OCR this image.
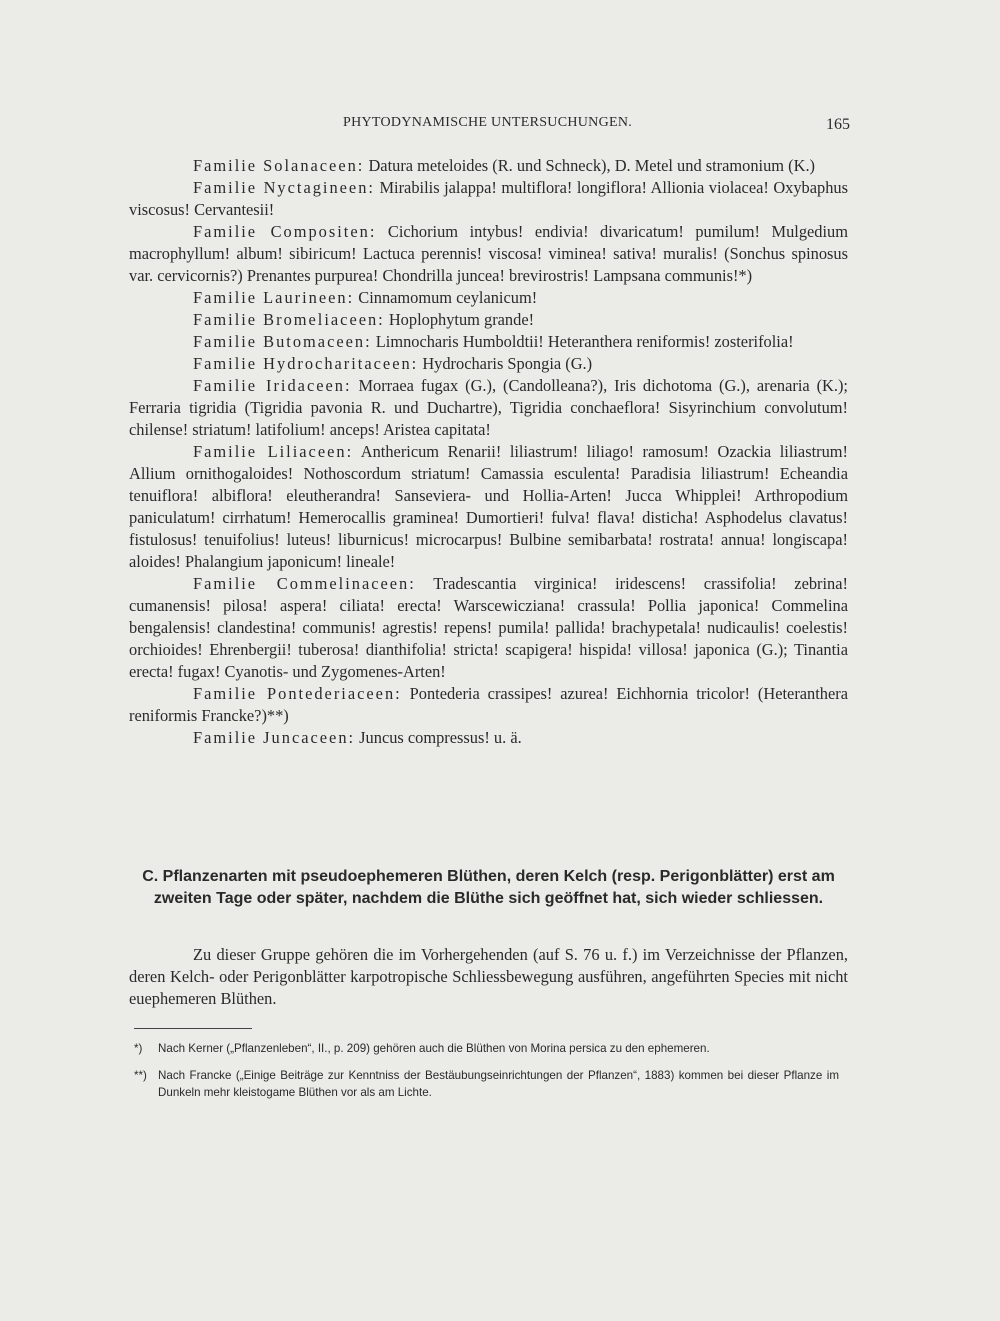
PHYTODYNAMISCHE UNTERSUCHUNGEN.	165

Familie Solanaceen: Datura meteloides (R. und Schneck), D. Metel und stramonium (K.)

Familie Nyctagineen: Mirabilis jalappa! multiflora! longiflora! Allionia violacea! Oxybaphus viscosus! Cervantesii!

Familie Compositen: Cichorium intybus! endivia! divaricatum! pumilum! Mulgedium macrophyllum! album! sibiricum! Lactuca perennis! viscosa! viminea! sativa! muralis! (Sonchus spinosus var. cervicornis?) Prenantes purpurea! Chondrilla juncea! brevirostris! Lampsana communis!*)

Familie Laurineen: Cinnamomum ceylanicum!

Familie Bromeliaceen: Hoplophytum grande!

Familie Butomaceen: Limnocharis Humboldtii! Heteranthera reniformis! zosterifolia!

Familie Hydrocharitaceen: Hydrocharis Spongia (G.)

Familie Iridaceen: Morraea fugax (G.), (Candolleana?), Iris dichotoma (G.), arenaria (K.); Ferraria tigridia (Tigridia pavonia R. und Duchartre), Tigridia conchaeflora! Sisyrinchium convolutum! chilense! striatum! latifolium! anceps! Aristea capitata!

Familie Liliaceen: Anthericum Renarii! liliastrum! liliago! ramosum! Ozackia liliastrum! Allium ornithogaloides! Nothoscordum striatum! Camassia esculenta! Paradisia liliastrum! Echeandia tenuiflora! albiflora! eleutherandra! Sanseviera- und Hollia-Arten! Jucca Whipplei! Arthropodium paniculatum! cirrhatum! Hemerocallis graminea! Dumortieri! fulva! flava! disticha! Asphodelus clavatus! fistulosus! tenuifolius! luteus! liburnicus! microcarpus! Bulbine semibarbata! rostrata! annua! longiscapa! aloides! Phalangium japonicum! lineale!

Familie Commelinaceen: Tradescantia virginica! iridescens! crassifolia! zebrina! cumanensis! pilosa! aspera! ciliata! erecta! Warscewicziana! crassula! Pollia japonica! Commelina bengalensis! clandestina! communis! agrestis! repens! pumila! pallida! brachypetala! nudicaulis! coelestis! orchioides! Ehrenbergii! tuberosa! dianthifolia! stricta! scapigera! hispida! villosa! japonica (G.); Tinantia erecta! fugax! Cyanotis- und Zygomenes-Arten!

Familie Pontederiaceen: Pontederia crassipes! azurea! Eichhornia tricolor! (Heteranthera reniformis Francke?)**)

Familie Juncaceen: Juncus compressus! u. ä.

C. Pflanzenarten mit pseudoephemeren Blüthen, deren Kelch (resp. Perigonblätter) erst am zweiten Tage oder später, nachdem die Blüthe sich geöffnet hat, sich wieder schliessen.

Zu dieser Gruppe gehören die im Vorhergehenden (auf S. 76 u. f.) im Verzeichnisse der Pflanzen, deren Kelch- oder Perigonblätter karpotropische Schliessbewegung ausführen, angeführten Species mit nicht euephemeren Blüthen.

*) Nach Kerner („Pflanzenleben“, II., p. 209) gehören auch die Blüthen von Morina persica zu den ephemeren.

**) Nach Francke („Einige Beiträge zur Kenntniss der Bestäubungseinrichtungen der Pflanzen“, 1883) kommen bei dieser Pflanze im Dunkeln mehr kleistogame Blüthen vor als am Lichte.
